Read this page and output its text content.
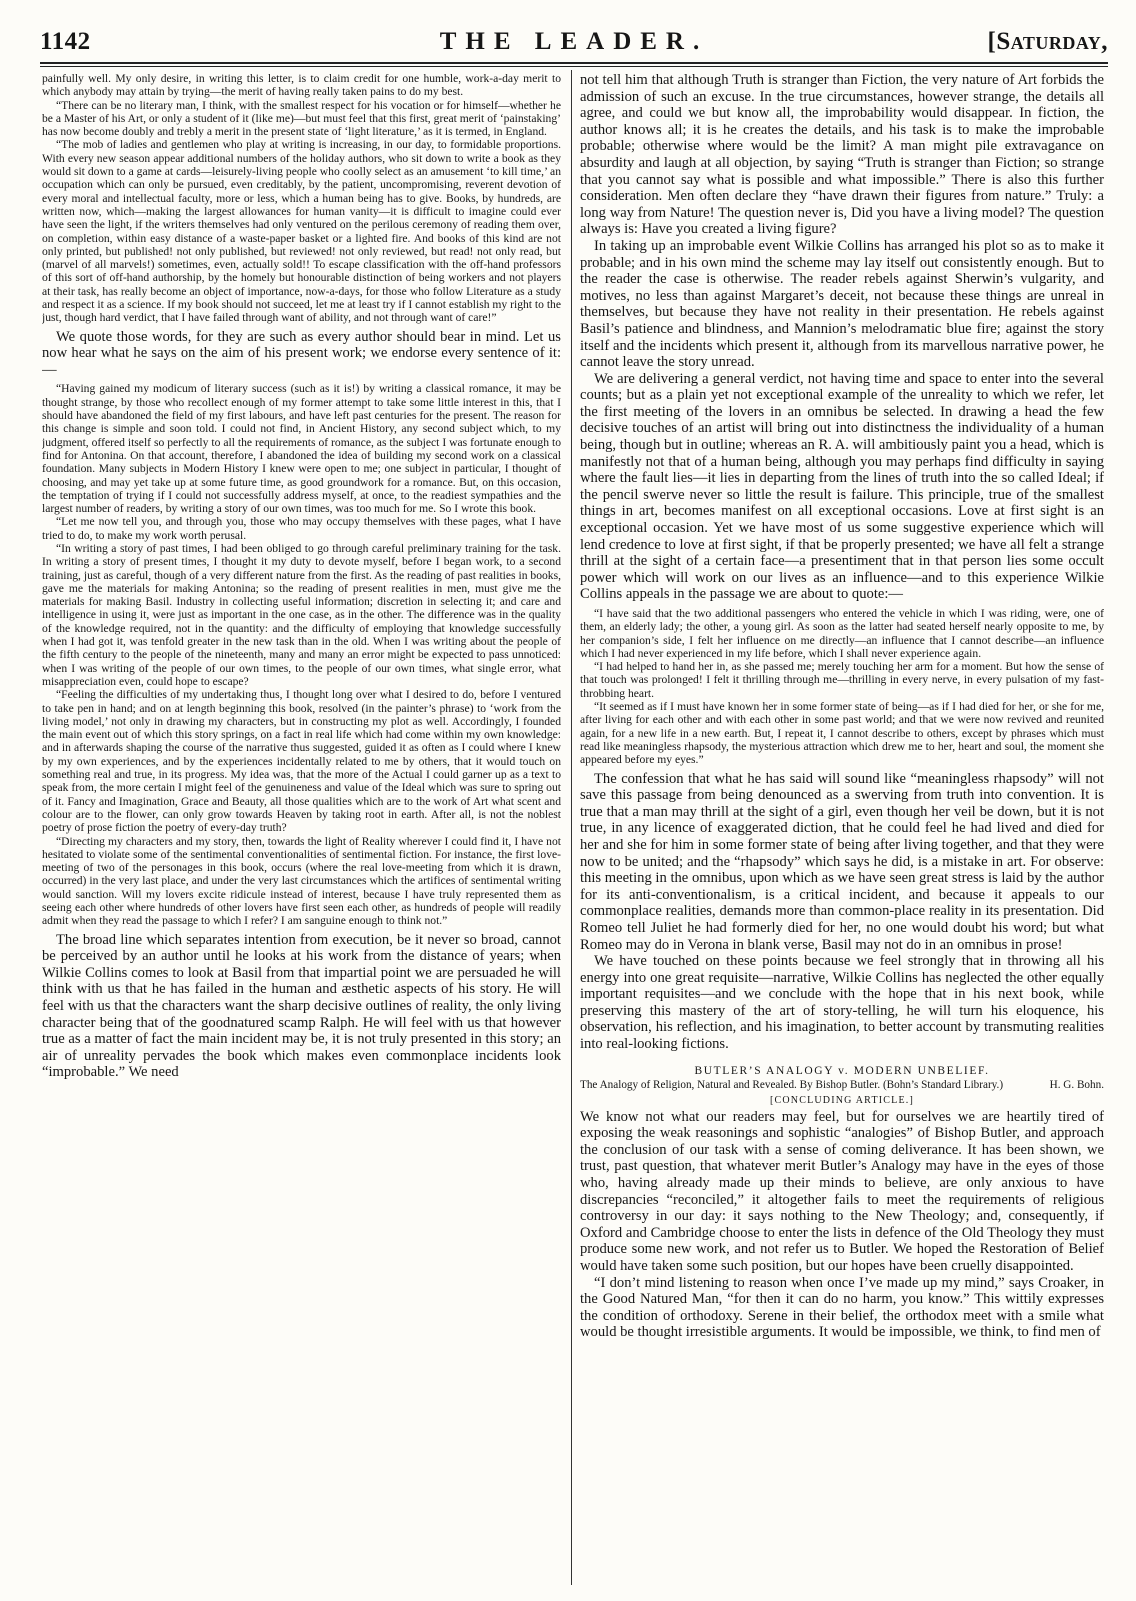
1142	THE LEADER.	[Saturday,

painfully well. My only desire, in writing this letter, is to claim credit for one humble, work-a-day merit to which anybody may attain by trying—the merit of having really taken pains to do my best.

“There can be no literary man, I think, with the smallest respect for his vocation or for himself—whether he be a Master of his Art, or only a student of it (like me)—but must feel that this first, great merit of ‘painstaking’ has now become doubly and trebly a merit in the present state of ‘light literature,’ as it is termed, in England.

“The mob of ladies and gentlemen who play at writing is increasing, in our day, to formidable proportions. With every new season appear additional numbers of the holiday authors, who sit down to write a book as they would sit down to a game at cards—leisurely-living people who coolly select as an amusement ‘to kill time,’ an occupation which can only be pursued, even creditably, by the patient, uncompromising, reverent devotion of every moral and intellectual faculty, more or less, which a human being has to give. Books, by hundreds, are written now, which—making the largest allowances for human vanity—it is difficult to imagine could ever have seen the light, if the writers themselves had only ventured on the perilous ceremony of reading them over, on completion, within easy distance of a waste-paper basket or a lighted fire. And books of this kind are not only printed, but published! not only published, but reviewed! not only reviewed, but read! not only read, but (marvel of all marvels!) sometimes, even, actually sold!! To escape classification with the off-hand professors of this sort of off-hand authorship, by the homely but honourable distinction of being workers and not players at their task, has really become an object of importance, now-a-days, for those who follow Literature as a study and respect it as a science. If my book should not succeed, let me at least try if I cannot establish my right to the just, though hard verdict, that I have failed through want of ability, and not through want of care!”

We quote those words, for they are such as every author should bear in mind. Let us now hear what he says on the aim of his present work; we endorse every sentence of it:—

“Having gained my modicum of literary success (such as it is!) by writing a classical romance, it may be thought strange, by those who recollect enough of my former attempt to take some little interest in this, that I should have abandoned the field of my first labours, and have left past centuries for the present. The reason for this change is simple and soon told. I could not find, in Ancient History, any second subject which, to my judgment, offered itself so perfectly to all the requirements of romance, as the subject I was fortunate enough to find for Antonina. On that account, therefore, I abandoned the idea of building my second work on a classical foundation. Many subjects in Modern History I knew were open to me; one subject in particular, I thought of choosing, and may yet take up at some future time, as good groundwork for a romance. But, on this occasion, the temptation of trying if I could not successfully address myself, at once, to the readiest sympathies and the largest number of readers, by writing a story of our own times, was too much for me. So I wrote this book.

“Let me now tell you, and through you, those who may occupy themselves with these pages, what I have tried to do, to make my work worth perusal.

“In writing a story of past times, I had been obliged to go through careful preliminary training for the task. In writing a story of present times, I thought it my duty to devote myself, before I began work, to a second training, just as careful, though of a very different nature from the first. As the reading of past realities in books, gave me the materials for making Antonina; so the reading of present realities in men, must give me the materials for making Basil. Industry in collecting useful information; discretion in selecting it; and care and intelligence in using it, were just as important in the one case, as in the other. The difference was in the quality of the knowledge required, not in the quantity: and the difficulty of employing that knowledge successfully when I had got it, was tenfold greater in the new task than in the old. When I was writing about the people of the fifth century to the people of the nineteenth, many and many an error might be expected to pass unnoticed: when I was writing of the people of our own times, to the people of our own times, what single error, what misappreciation even, could hope to escape?

“Feeling the difficulties of my undertaking thus, I thought long over what I desired to do, before I ventured to take pen in hand; and on at length beginning this book, resolved (in the painter’s phrase) to ‘work from the living model,’ not only in drawing my characters, but in constructing my plot as well. Accordingly, I founded the main event out of which this story springs, on a fact in real life which had come within my own knowledge: and in afterwards shaping the course of the narrative thus suggested, guided it as often as I could where I knew by my own experiences, and by the experiences incidentally related to me by others, that it would touch on something real and true, in its progress. My idea was, that the more of the Actual I could garner up as a text to speak from, the more certain I might feel of the genuineness and value of the Ideal which was sure to spring out of it. Fancy and Imagination, Grace and Beauty, all those qualities which are to the work of Art what scent and colour are to the flower, can only grow towards Heaven by taking root in earth. After all, is not the noblest poetry of prose fiction the poetry of every-day truth?

“Directing my characters and my story, then, towards the light of Reality wherever I could find it, I have not hesitated to violate some of the sentimental conventionalities of sentimental fiction. For instance, the first love-meeting of two of the personages in this book, occurs (where the real love-meeting from which it is drawn, occurred) in the very last place, and under the very last circumstances which the artifices of sentimental writing would sanction. Will my lovers excite ridicule instead of interest, because I have truly represented them as seeing each other where hundreds of other lovers have first seen each other, as hundreds of people will readily admit when they read the passage to which I refer? I am sanguine enough to think not.”

The broad line which separates intention from execution, be it never so broad, cannot be perceived by an author until he looks at his work from the distance of years; when Wilkie Collins comes to look at Basil from that impartial point we are persuaded he will think with us that he has failed in the human and æsthetic aspects of his story. He will feel with us that the characters want the sharp decisive outlines of reality, the only living character being that of the goodnatured scamp Ralph. He will feel with us that however true as a matter of fact the main incident may be, it is not truly presented in this story; an air of unreality pervades the book which makes even commonplace incidents look “improbable.” We need

not tell him that although Truth is stranger than Fiction, the very nature of Art forbids the admission of such an excuse. In the true circumstances, however strange, the details all agree, and could we but know all, the improbability would disappear. In fiction, the author knows all; it is he creates the details, and his task is to make the improbable probable; otherwise where would be the limit? A man might pile extravagance on absurdity and laugh at all objection, by saying “Truth is stranger than Fiction; so strange that you cannot say what is possible and what impossible.” There is also this further consideration. Men often declare they “have drawn their figures from nature.” Truly: a long way from Nature! The question never is, Did you have a living model? The question always is: Have you created a living figure?

In taking up an improbable event Wilkie Collins has arranged his plot so as to make it probable; and in his own mind the scheme may lay itself out consistently enough. But to the reader the case is otherwise. The reader rebels against Sherwin’s vulgarity, and motives, no less than against Margaret’s deceit, not because these things are unreal in themselves, but because they have not reality in their presentation. He rebels against Basil’s patience and blindness, and Mannion’s melodramatic blue fire; against the story itself and the incidents which present it, although from its marvellous narrative power, he cannot leave the story unread.

We are delivering a general verdict, not having time and space to enter into the several counts; but as a plain yet not exceptional example of the unreality to which we refer, let the first meeting of the lovers in an omnibus be selected. In drawing a head the few decisive touches of an artist will bring out into distinctness the individuality of a human being, though but in outline; whereas an R. A. will ambitiously paint you a head, which is manifestly not that of a human being, although you may perhaps find difficulty in saying where the fault lies—it lies in departing from the lines of truth into the so called Ideal; if the pencil swerve never so little the result is failure. This principle, true of the smallest things in art, becomes manifest on all exceptional occasions. Love at first sight is an exceptional occasion. Yet we have most of us some suggestive experience which will lend credence to love at first sight, if that be properly presented; we have all felt a strange thrill at the sight of a certain face—a presentiment that in that person lies some occult power which will work on our lives as an influence—and to this experience Wilkie Collins appeals in the passage we are about to quote:—

“I have said that the two additional passengers who entered the vehicle in which I was riding, were, one of them, an elderly lady; the other, a young girl. As soon as the latter had seated herself nearly opposite to me, by her companion’s side, I felt her influence on me directly—an influence that I cannot describe—an influence which I had never experienced in my life before, which I shall never experience again.

“I had helped to hand her in, as she passed me; merely touching her arm for a moment. But how the sense of that touch was prolonged! I felt it thrilling through me—thrilling in every nerve, in every pulsation of my fast-throbbing heart.

“It seemed as if I must have known her in some former state of being—as if I had died for her, or she for me, after living for each other and with each other in some past world; and that we were now revived and reunited again, for a new life in a new earth. But, I repeat it, I cannot describe to others, except by phrases which must read like meaningless rhapsody, the mysterious attraction which drew me to her, heart and soul, the moment she appeared before my eyes.”

The confession that what he has said will sound like “meaningless rhapsody” will not save this passage from being denounced as a swerving from truth into convention. It is true that a man may thrill at the sight of a girl, even though her veil be down, but it is not true, in any licence of exaggerated diction, that he could feel he had lived and died for her and she for him in some former state of being after living together, and that they were now to be united; and the “rhapsody” which says he did, is a mistake in art. For observe: this meeting in the omnibus, upon which as we have seen great stress is laid by the author for its anti-conventionalism, is a critical incident, and because it appeals to our commonplace realities, demands more than common-place reality in its presentation. Did Romeo tell Juliet he had formerly died for her, no one would doubt his word; but what Romeo may do in Verona in blank verse, Basil may not do in an omnibus in prose!

We have touched on these points because we feel strongly that in throwing all his energy into one great requisite—narrative, Wilkie Collins has neglected the other equally important requisites—and we conclude with the hope that in his next book, while preserving this mastery of the art of story-telling, he will turn his eloquence, his observation, his reflection, and his imagination, to better account by transmuting realities into real-looking fictions.

BUTLER’S ANALOGY v. MODERN UNBELIEF.
The Analogy of Religion, Natural and Revealed. By Bishop Butler. (Bohn’s Standard Library.)	H. G. Bohn.
[CONCLUDING ARTICLE.]

We know not what our readers may feel, but for ourselves we are heartily tired of exposing the weak reasonings and sophistic “analogies” of Bishop Butler, and approach the conclusion of our task with a sense of coming deliverance. It has been shown, we trust, past question, that whatever merit Butler’s Analogy may have in the eyes of those who, having already made up their minds to believe, are only anxious to have discrepancies “reconciled,” it altogether fails to meet the requirements of religious controversy in our day: it says nothing to the New Theology; and, consequently, if Oxford and Cambridge choose to enter the lists in defence of the Old Theology they must produce some new work, and not refer us to Butler. We hoped the Restoration of Belief would have taken some such position, but our hopes have been cruelly disappointed.

“I don’t mind listening to reason when once I’ve made up my mind,” says Croaker, in the Good Natured Man, “for then it can do no harm, you know.” This wittily expresses the condition of orthodoxy. Serene in their belief, the orthodox meet with a smile what would be thought irresistible arguments. It would be impossible, we think, to find men of
